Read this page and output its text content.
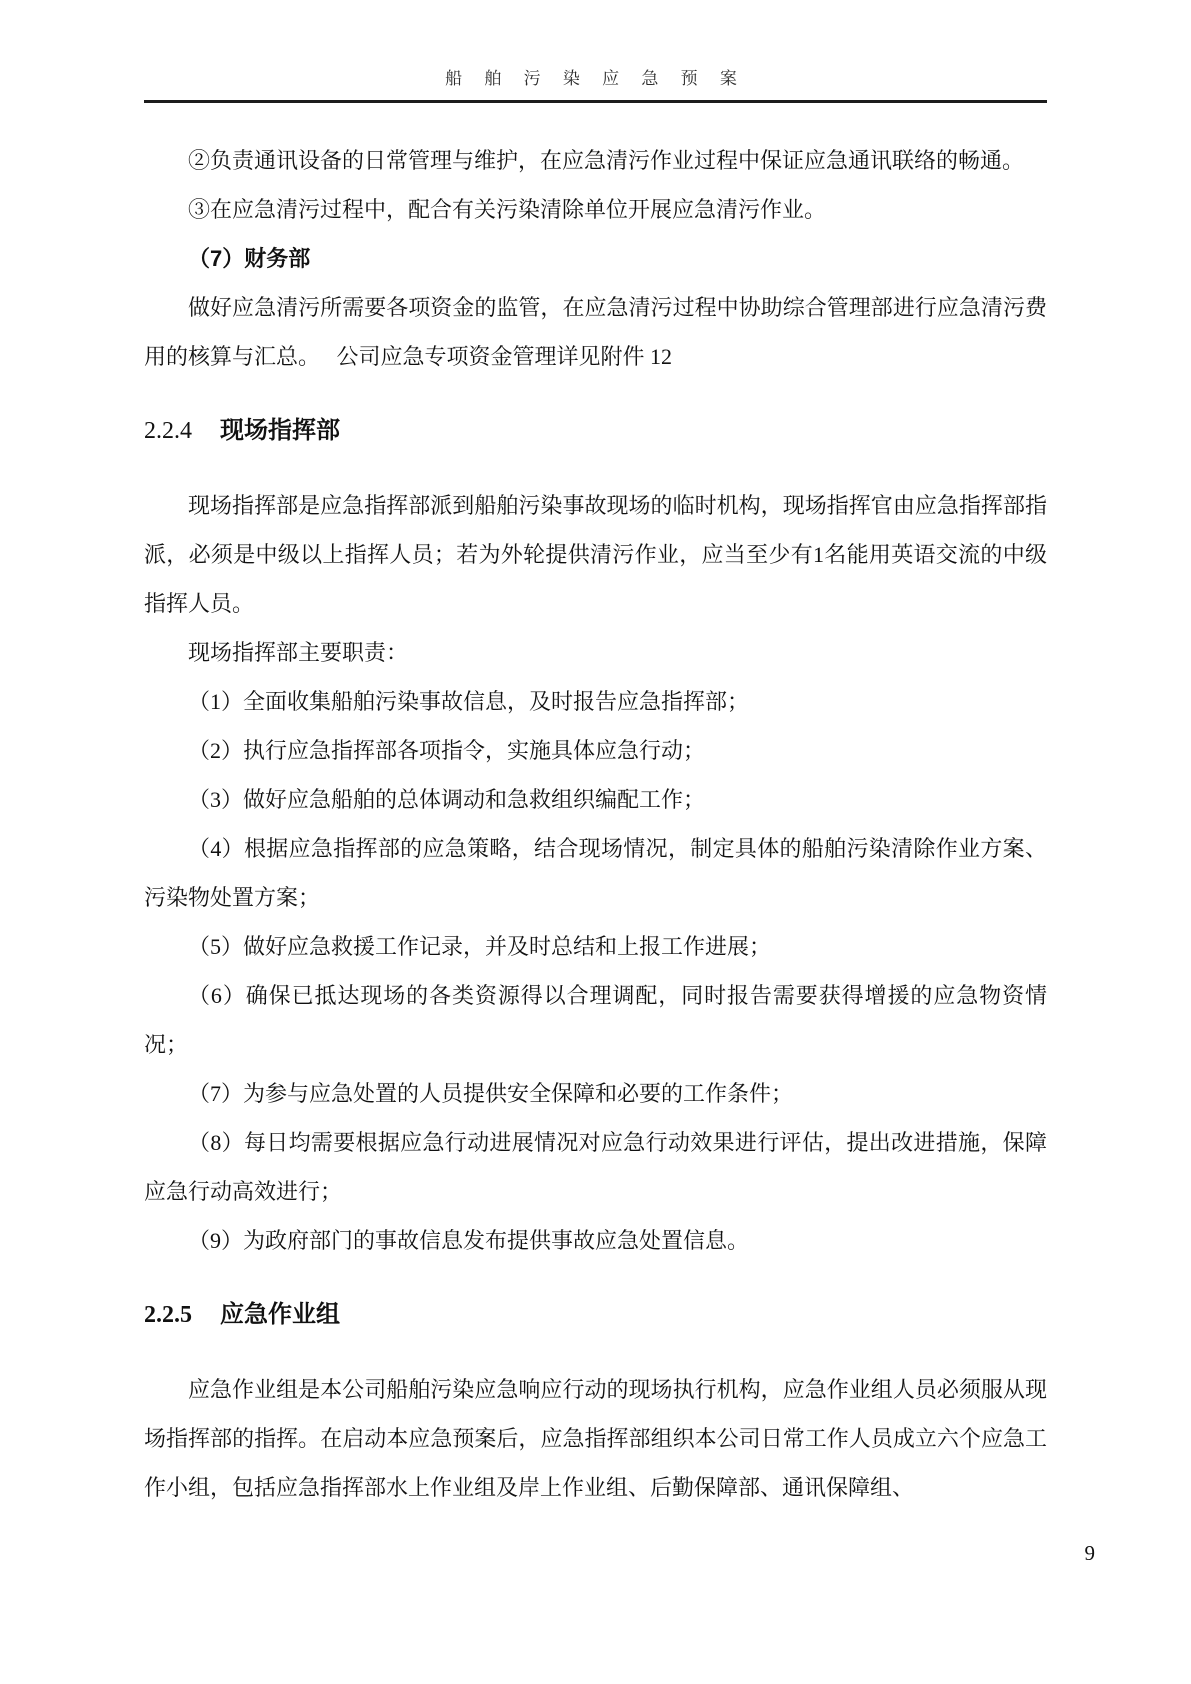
船 舶 污 染 应 急 预 案

②负责通讯设备的日常管理与维护，在应急清污作业过程中保证应急通讯联络的畅通。

③在应急清污过程中，配合有关污染清除单位开展应急清污作业。

（7）财务部

做好应急清污所需要各项资金的监管，在应急清污过程中协助综合管理部进行应急清污费用的核算与汇总。　 公司应急专项资金管理详见附件 12

2.2.4 现场指挥部

现场指挥部是应急指挥部派到船舶污染事故现场的临时机构，现场指挥官由应急指挥部指派，必须是中级以上指挥人员；若为外轮提供清污作业，应当至少有1名能用英语交流的中级指挥人员。

现场指挥部主要职责：

（1）全面收集船舶污染事故信息，及时报告应急指挥部；

（2）执行应急指挥部各项指令，实施具体应急行动；

（3）做好应急船舶的总体调动和急救组织编配工作；

（4）根据应急指挥部的应急策略，结合现场情况，制定具体的船舶污染清除作业方案、污染物处置方案；

（5）做好应急救援工作记录，并及时总结和上报工作进展；

（6）确保已抵达现场的各类资源得以合理调配，同时报告需要获得增援的应急物资情况；

（7）为参与应急处置的人员提供安全保障和必要的工作条件；

（8）每日均需要根据应急行动进展情况对应急行动效果进行评估，提出改进措施，保障应急行动高效进行；

（9）为政府部门的事故信息发布提供事故应急处置信息。

2.2.5 应急作业组

应急作业组是本公司船舶污染应急响应行动的现场执行机构，应急作业组人员必须服从现场指挥部的指挥。在启动本应急预案后，应急指挥部组织本公司日常工作人员成立六个应急工作小组，包括应急指挥部水上作业组及岸上作业组、后勤保障部、通讯保障组、

9
